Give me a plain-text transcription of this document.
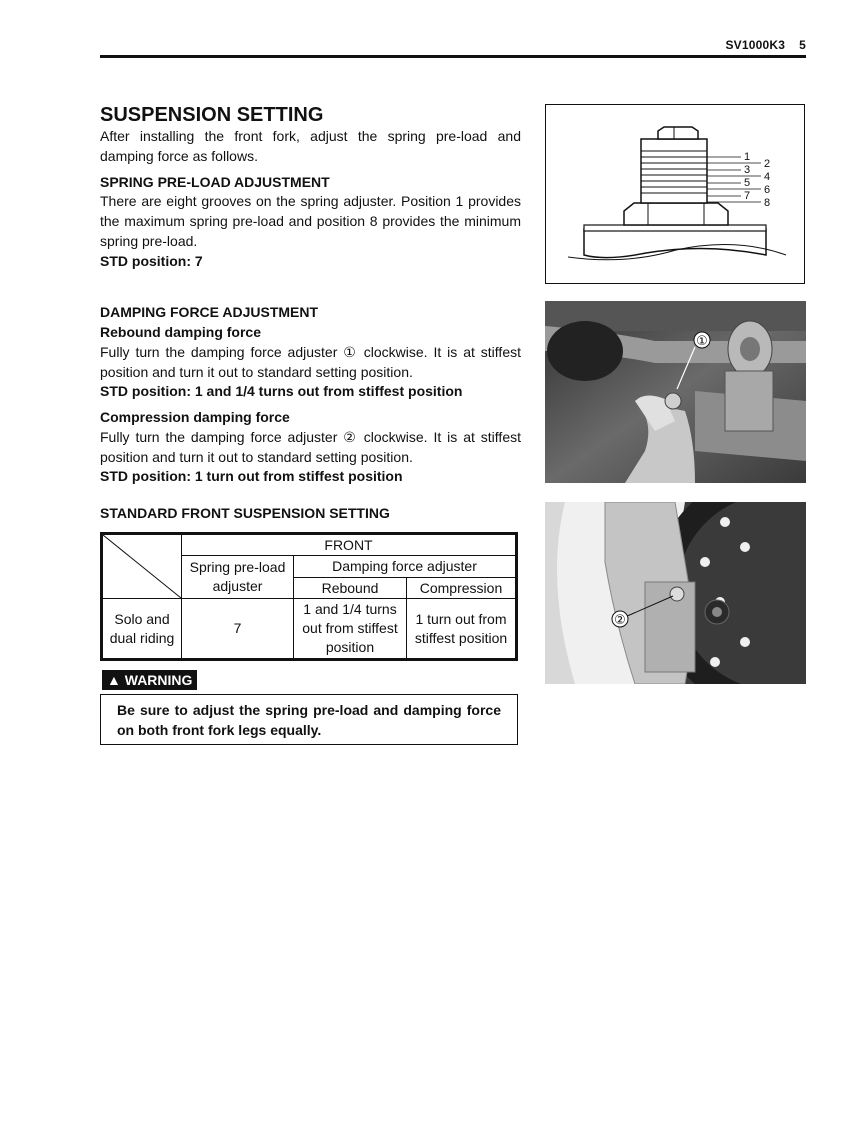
SV1000K3 5
SUSPENSION SETTING
After installing the front fork, adjust the spring pre-load and damping force as follows.
SPRING PRE-LOAD ADJUSTMENT
There are eight grooves on the spring adjuster. Position 1 provides the maximum spring pre-load and position 8 provides the minimum spring pre-load.
STD position: 7
DAMPING FORCE ADJUSTMENT
Rebound damping force
Fully turn the damping force adjuster ① clockwise. It is at stiffest position and turn it out to standard setting position.
STD position: 1 and 1/4 turns out from stiffest position
Compression damping force
Fully turn the damping force adjuster ② clockwise. It is at stiffest position and turn it out to standard setting position.
STD position: 1 turn out from stiffest position
STANDARD FRONT SUSPENSION SETTING
	FRONT		
	Spring pre-load adjuster	Damping force adjuster	
		Rebound	Compression
Solo and dual riding	7	1 and 1/4 turns out from stiffest position	1 turn out from stiffest position
▲ WARNING
Be sure to adjust the spring pre-load and damping force on both front fork legs equally.
1
2
3
4
5
6
7
8
①
②
